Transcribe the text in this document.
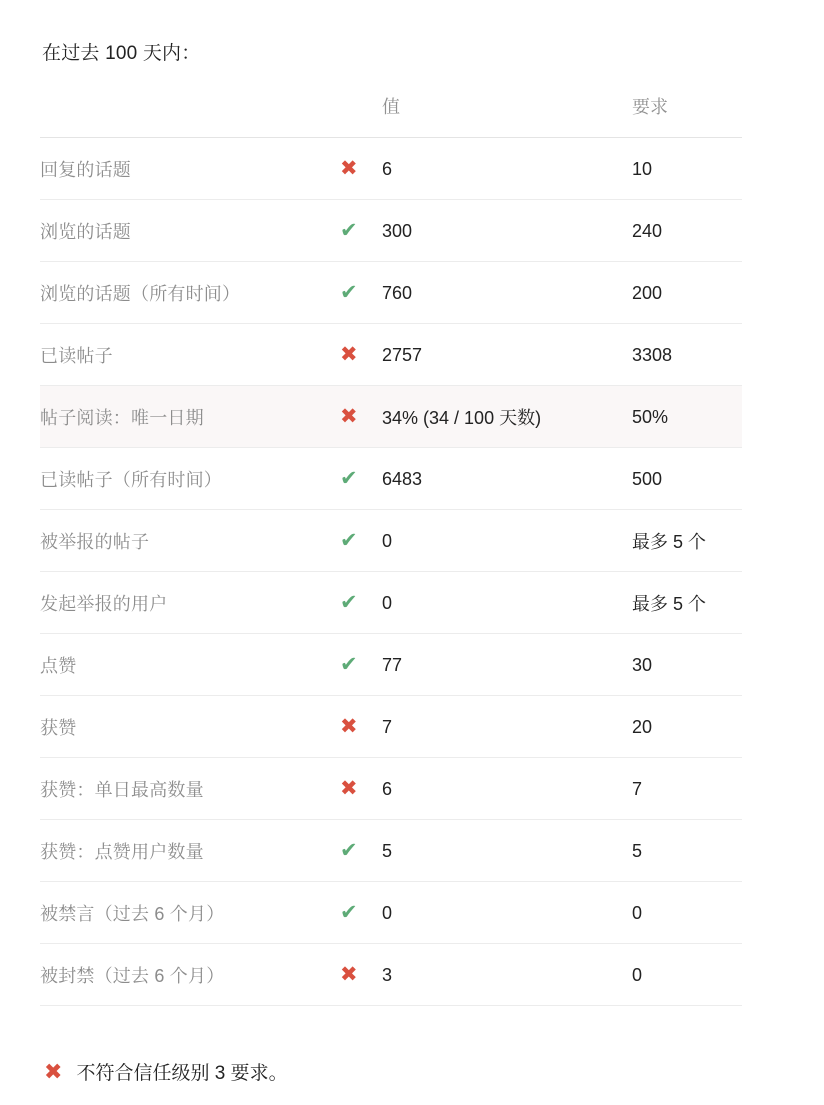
在过去 100 天内：
		值	要求
回复的话题	✖	6	10
浏览的话题	✔	300	240
浏览的话题（所有时间）	✔	760	200
已读帖子	✖	2757	3308
帖子阅读：唯一日期	✖	34% (34 / 100 天数)	50%
已读帖子（所有时间）	✔	6483	500
被举报的帖子	✔	0	最多 5 个
发起举报的用户	✔	0	最多 5 个
点赞	✔	77	30
获赞	✖	7	20
获赞：单日最高数量	✖	6	7
获赞：点赞用户数量	✔	5	5
被禁言（过去 6 个月）	✔	0	0
被封禁（过去 6 个月）	✖	3	0
✖ 不符合信任级别 3 要求。
